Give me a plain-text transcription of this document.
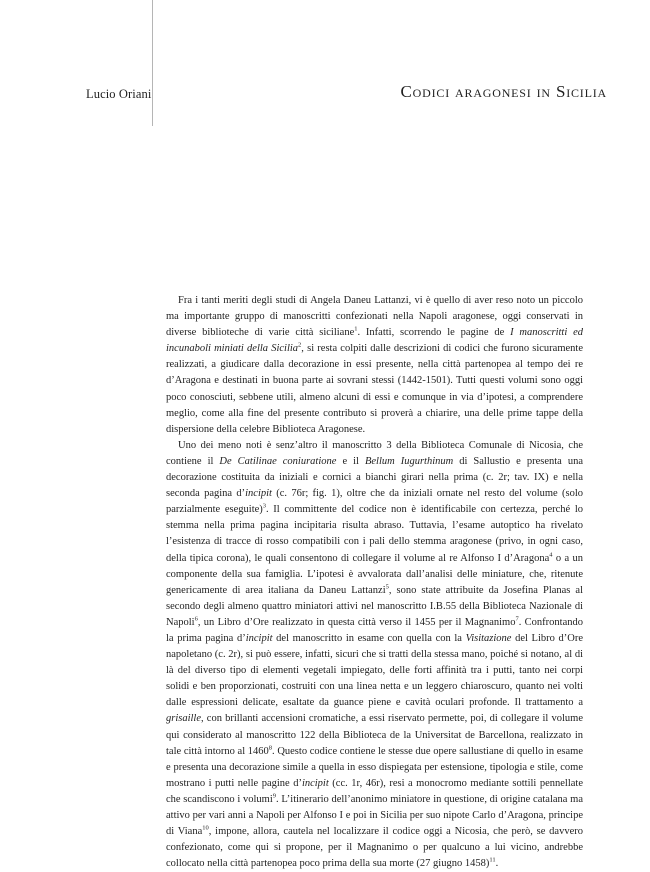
Lucio Oriani	Codici aragonesi in Sicilia

Fra i tanti meriti degli studi di Angela Daneu Lattanzi, vi è quello di aver reso noto un piccolo ma importante gruppo di manoscritti confezionati nella Napoli aragonese, oggi conservati in diverse biblioteche di varie città siciliane$^1$. Infatti, scorrendo le pagine de I manoscritti ed incunaboli miniati della Sicilia$^2$, si resta colpiti dalle descrizioni di codici che furono sicuramente realizzati, a giudicare dalla decorazione in essi presente, nella città partenopea al tempo dei re d’Aragona e destinati in buona parte ai sovrani stessi (1442-1501). Tutti questi volumi sono oggi poco conosciuti, sebbene utili, almeno alcuni di essi e comunque in via d’ipotesi, a comprendere meglio, come alla fine del presente contributo si proverà a chiarire, una delle prime tappe della dispersione della celebre Biblioteca Aragonese.

Uno dei meno noti è senz’altro il manoscritto 3 della Biblioteca Comunale di Nicosia, che contiene il De Catilinae coniuratione e il Bellum Iugurthinum di Sallustio e presenta una decorazione costituita da iniziali e cornici a bianchi girari nella prima (c. 2r; tav. IX) e nella seconda pagina d’incipit (c. 76r; fig. 1), oltre che da iniziali ornate nel resto del volume (solo parzialmente eseguite)$^3$. Il committente del codice non è identificabile con certezza, perché lo stemma nella prima pagina incipitaria risulta abraso. Tuttavia, l’esame autoptico ha rivelato l’esistenza di tracce di rosso compatibili con i pali dello stemma aragonese (privo, in ogni caso, della tipica corona), le quali consentono di collegare il volume al re Alfonso I d’Aragona$^4$ o a un componente della sua famiglia. L’ipotesi è avvalorata dall’analisi delle miniature, che, ritenute genericamente di area italiana da Daneu Lattanzi$^5$, sono state attribuite da Josefina Planas al secondo degli almeno quattro miniatori attivi nel manoscritto I.B.55 della Biblioteca Nazionale di Napoli$^6$, un Libro d’Ore realizzato in questa città verso il 1455 per il Magnanimo$^7$. Confrontando la prima pagina d’incipit del manoscritto in esame con quella con la Visitazione del Libro d’Ore napoletano (c. 2r), si può essere, infatti, sicuri che si tratti della stessa mano, poiché si notano, al di là del diverso tipo di elementi vegetali impiegato, delle forti affinità tra i putti, tanto nei corpi solidi e ben proporzionati, costruiti con una linea netta e un leggero chiaroscuro, quanto nei volti dalle espressioni delicate, esaltate da guance piene e cavità oculari profonde. Il trattamento a grisaille, con brillanti accensioni cromatiche, a essi riservato permette, poi, di collegare il volume qui considerato al manoscritto 122 della Biblioteca de la Universitat de Barcellona, realizzato in tale città intorno al 1460$^8$. Questo codice contiene le stesse due opere sallustiane di quello in esame e presenta una decorazione simile a quella in esso dispiegata per estensione, tipologia e stile, come mostrano i putti nelle pagine d’incipit (cc. 1r, 46r), resi a monocromo mediante sottili pennellate che scandiscono i volumi$^9$. L’itinerario dell’anonimo miniatore in questione, di origine catalana ma attivo per vari anni a Napoli per Alfonso I e poi in Sicilia per suo nipote Carlo d’Aragona, principe di Viana$^{10}$, impone, allora, cautela nel localizzare il codice oggi a Nicosia, che però, se davvero confezionato, come qui si propone, per il Magnanimo o per qualcuno a lui vicino, andrebbe collocato nella città partenopea poco prima della sua morte (27 giugno 1458)$^{11}$.
